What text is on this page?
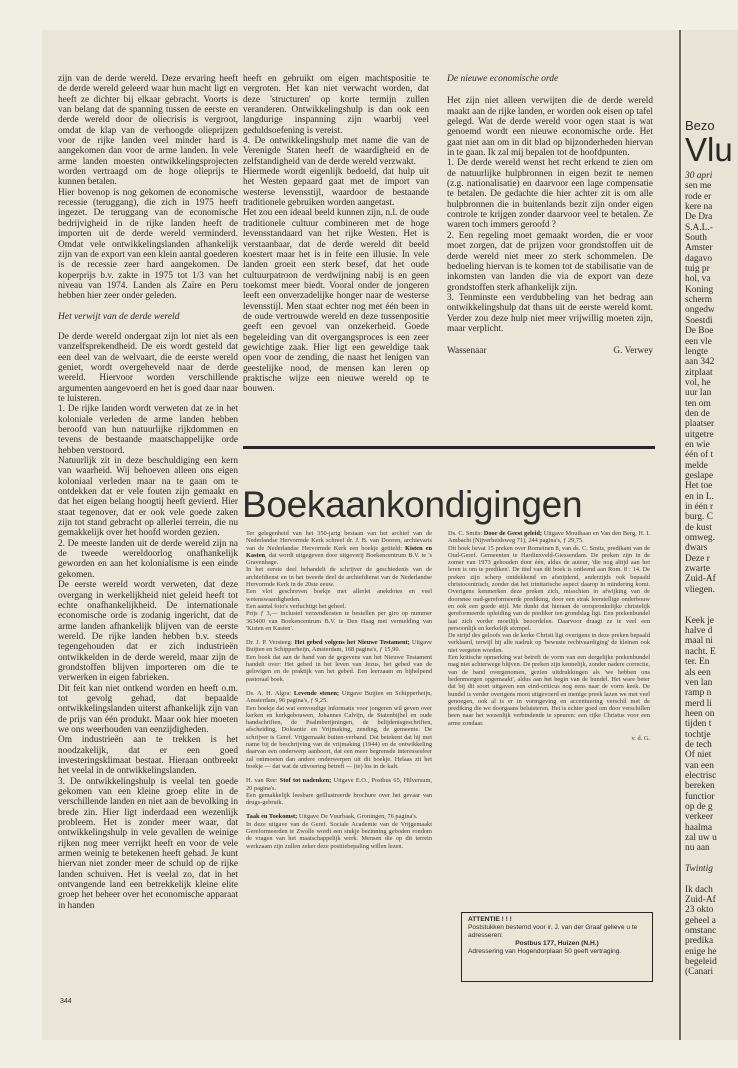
zijn van de derde wereld. Deze ervaring heeft de derde wereld geleerd waar hun macht ligt en heeft ze dichter bij elkaar gebracht. Voorts is van belang dat de spanning tussen de eerste en derde wereld door de oliecrisis is vergroot, omdat de klap van de verhoogde olieprijzen voor de rijke landen veel minder hard is aangekomen dan voor de arme landen. In vele arme landen moesten ontwikkelingsprojecten worden vertraagd om de hoge olieprijs te kunnen betalen.

Hier bovenop is nog gekomen de economische recessie (teruggang), die zich in 1975 heeft ingezet. De teruggang van de economische bedrijvigheid in de rijke landen heeft de importen uit de derde wereld verminderd. Omdat vele ontwikkelingslanden afhankelijk zijn van de export van een klein aantal goederen is de recessie zeer hard aangekomen. De koperprijs b.v. zakte in 1975 tot 1/3 van het niveau van 1974. Landen als Zaïre en Peru hebben hier zeer onder geleden.

Het verwijt van de derde wereld

De derde wereld ondergaat zijn lot niet als een vanzelfsprekendheid. De eis wordt gesteld dat een deel van de welvaart, die de eerste wereld geniet, wordt overgeheveld naar de derde wereld. Hiervoor worden verschillende argumenten aangevoerd en het is goed daar naar te luisteren.

1. De rijke landen wordt verweten dat ze in het koloniale verleden de arme landen hebben beroofd van hun natuurlijke rijkdommen en tevens de bestaande maatschappelijke orde hebben verstoord.

Natuurlijk zit in deze beschuldiging een kern van waarheid. Wij behoeven alleen ons eigen koloniaal verleden maar na te gaan om te ontdekken dat er vele fouten zijn gemaakt en dat het eigen belang hoogtij heeft gevierd. Hier staat tegenover, dat er ook vele goede zaken zijn tot stand gebracht op allerlei terrein, die nu gemakkelijk over het hoofd worden gezien.

2. De meeste landen uit de derde wereld zijn na de tweede wereldoorlog onafhankelijk geworden en aan het kolonialisme is een einde gekomen.

De eerste wereld wordt verweten, dat deze overgang in werkelijkheid niet geleid heeft tot echte onafhankelijkheid. De internationale economische orde is zodanig ingericht, dat de arme landen afhankelijk blijven van de eerste wereld. De rijke landen hebben b.v. steeds tegengehouden dat er zich industrieën ontwikkelden in de derde wereld, maar zijn de grondstoffen blijven importeren om die te verwerken in eigen fabrieken.

Dit feit kan niet ontkend worden en heeft o.m. tot gevolg gehad, dat bepaalde ontwikkelingslanden uiterst afhankelijk zijn van de prijs van één produkt. Maar ook hier moeten we ons weerhouden van eenzijdigheden.

Om industrieën aan te trekken is het noodzakelijk, dat er een goed investeringsklimaat bestaat. Hieraan ontbreekt het veelal in de ontwikkelingslanden.

3. De ontwikkelingshulp is veelal ten goede gekomen van een kleine groep elite in de verschillende landen en niet aan de bevolking in brede zin. Hier ligt inderdaad een wezenlijk probleem. Het is zonder meer waar, dat ontwikkelingshulp in vele gevallen de weinige rijken nog meer verrijkt heeft en voor de vele armen weinig te betekenen heeft gehad. Je kunt hiervan niet zonder meer de schuld op de rijke landen schuiven. Het is veelal zo, dat in het ontvangende land een betrekkelijk kleine elite groep het beheer over het economische apparaat in handen

heeft en gebruikt om eigen machtspositie te vergroten. Het kan niet verwacht worden, dat deze 'structuren' op korte termijn zullen veranderen. Ontwikkelingshulp is dan ook een langdurige inspanning zijn waarbij veel geduldsoefening is vereist.

4. De ontwikkelingshulp met name die van de Verenigde Staten heeft de waardigheid en de zelfstandigheid van de derde wereld verzwakt.

Hiermede wordt eigenlijk bedoeld, dat hulp uit het Westen gepaard gaat met de import van westerse levensstijl, waardoor de bestaande traditionele gebruiken worden aangetast.

Het zou een ideaal beeld kunnen zijn, n.l. de oude traditionele cultuur combineren met de hoge levensstandaard van het rijke Westen. Het is verstaanbaar, dat de derde wereld dit beeld koestert maar het is in feite een illusie. In vele landen groeit een sterk besef, dat het oude cultuurpatroon de verdwijning nabij is en geen toekomst meer biedt. Vooral onder de jongeren leeft een onverzadelijke honger naar de westerse levensstijl. Men staat echter nog met één been in de oude vertrouwde wereld en deze tussenpositie geeft een gevoel van onzekerheid. Goede begeleiding van dit overgangsproces is een zeer gewichtige zaak. Hier ligt een geweldige taak open voor de zending, die naast het lenigen van geestelijke nood, de mensen kan leren op praktische wijze een nieuwe wereld op te bouwen.

De nieuwe economische orde

Het zijn niet alleen verwijten die de derde wereld maakt aan de rijke landen, er worden ook eisen op tafel gelegd. Wat de derde wereld voor ogen staat is wat genoemd wordt een nieuwe economische orde. Het gaat niet aan om in dit blad op bijzonderheden hiervan in te gaan. Ik zal mij bepalen tot de hoofdpunten.

1. De derde wereld wenst het recht erkend te zien om de natuurlijke hulpbronnen in eigen bezit te nemen (z.g. nationalisatie) en daarvoor een lage compensatie te betalen. De gedachte die hier achter zit is om alle hulpbronnen die in buitenlands bezit zijn onder eigen controle te krijgen zonder daarvoor veel te betalen. Ze waren toch immers geroofd ?

2. Een regeling moet gemaakt worden, die er voor moet zorgen, dat de prijzen voor grondstoffen uit de derde wereld niet meer zo sterk schommelen. De bedoeling hiervan is te komen tot de stabilisatie van de inkomsten van landen die via de export van deze grondstoffen sterk afhankelijk zijn.

3. Tenminste een verdubbeling van het bedrag aan ontwikkelingshulp dat thans uit de eerste wereld komt. Verder zou deze hulp niet meer vrijwillig moeten zijn, maar verplicht.

Wassenaar	G. Verwey
Boekaankondigingen

Ter gelegenheid van het 350-jarig bestaan van het archief van de Nederlandse Hervormde Kerk schreef dr. J. B. van Dooren, archievaris van de Nederlandse Hervormde Kerk een boekje getiteld: Kisten en Kasten, dat wordt uitgegeven door uitgeverij Boekencentrum B.V. te 's Gravenhage.

In het eerste deel behandelt de schrijver de geschiedenis van de archiefdienst en in het tweede deel de archiefdienst van de Nederlandse Hervormde Kerk in de 20ste eeuw.

Een vlot geschreven boekje met allerlei anekdotes en veel wetenswaardigheden.

Een aantal foto's verluchtigt het geheel.

Prijs ƒ 3,— inclusief verzendkosten te bestellen per giro op nummer 363400 van Boekencentrum B.V. te Den Haag met vermelding van 'Kisten en Kasten'.

Dr. J. P. Versteeg: Het gebed volgens het Nieuwe Testament; Uitgave Buijten en Schipperheijn, Amsterdam, 168 pagina's, ƒ 15,90.

Een boek dat aan de hand van de gegevens van het Nieuwe Testament handelt over: Het gebed in het leven van Jezus, het gebed van de gelovigen en de praktijk van het gebed. Een leerzaam en bijhelpend pastoraal boek.

Ds. A. H. Algra: Levende stenen; Uitgave Buijten en Schipperheijn, Amsterdam, 96 pagina's, ƒ 9,25.

Een boekje dat wat eenvoudige informatie voor jongeren wil geven over kerken en kerkgebouwen, Johannes Calvijn, de Statenbijbel en oude handschriften, de Psalmberijmingen, de belijdenisgeschriften, afscheiding, Doleantie en Vrijmaking, zending, de gemeente. De schrijver is Geref. Vrijgemaakt buiten-verband. Dat betekent dat hij met name bij de beschrijving van de vrijmaking (1944) en de ontwikkeling daarvan een onderwerp aanboort, dat een meer begrensde interessesfeer zal ontmoeten dan andere onderwerpen uit dit boekje. Helaas zit het boekje — dat wat de uitvoering betreft — (te) los in de kaft.

H. van Ree: Stof tot nadenken; Uitgave E.O., Postbus 65, Hilversum, 20 pagina's.

Een gemakkelijk leesbare geïllustreerde brochure over het gevaar van drugs-gebruik.

Taak en Toekomst; Uitgave De Vuurbaak, Groningen, 76 pagina's.

In deze uitgave van de Geref. Sociale Academie van de Vrijgemaakt Gereformeerden te Zwolle wordt een stukje bezinning geboden rondom de vragen van het maatschappelijk werk. Mensen die op dit terrein werkzaam zijn zullen zeker deze positiebepaling willen lezen.

Ds. C. Smits: Door de Geest geleid; Uitgave Mouthaan en Van den Berg, H. I. Ambacht (Nijverheidsweg 71), 244 pagina's, ƒ 29,75.

Dit boek bevat 15 preken over Romeinen 8, van ds. C. Smits, predikant van de Oud-Geref. Gemeenten te Hardinxveld-Giessendam. De preken zijn in de zomer van 1973 gehouden door één, aldus de auteur, 'die nog altijd aan het leren is om te prediken'. De titel van dit boek is ontleend aan Rom. 8 : 14. De preken zijn scherp ontdekkend en afsnijdend, anderzijds ook bepaald christocentrisch, zonder dat het trinitarische aspect daarop in mindering komt. Overigens kenmerken deze preken zich, misschien in afwijking van de doorsnee oud-gereformeerde prediking, door een strak leerstellige onderbouw en ook een goede stijl. Me dunkt dat hieraan de oorspronkelijke christelijk gereformeerde opleiding van de prediker ten grondslag ligt. Een prekenbundel laat zich verder moeilijk beoordelen. Daarvoor draagt ze te veel een persoonlijk en kerkelijk stempel.

De strijd des geloofs van de kerke Christi ligt overigens in deze preken bepaald verklaard, terwijl bij alle nadruk op 'bewuste rechtvaardiging' de kleinen ook niet vergeten worden.

Een kritische opmerking wat betreft de vorm van een dergelijke prekenbundel mag niet achterwege blijven. De preken zijn kennelijk, zonder nadere correctie, van de band overgenomen, gezien uitdrukkingen als 'we hebben ons hedenmorgen opgemaakt', aldus aan het begin van de bundel. Het ware beter dat bij dit soort uitgaven een eind-criticus nog eens naar de vorm keek. De bundel is verder overigens mooi uitgevoerd en menige preek lazen we met veel genoegen, ook al is er in vormgeving en accentuering verschil met de prediking die we doorgaans beluisteren. Het is echter goed om door verschillen heen naar het wezenlijk verbindende te speuren: een rijke Christus voor een arme zondaar.

v. d. G.
ATTENTIE ! ! !
Poststukken bestemd voor ir. J. van der Graaf gelieve u te adresseren:
Postbus 177, Huizen (N.H.)
Adressering van Hogendorplaan 50 geeft vertraging.
344
Bezo
Vlu
30 apri
sen me
rode er
kere na
De Dra
S.A.L.-
South
Amster
dagavo
tuig pr
hol, va
Koning
scherm
ongedw
Soestdi
De Boe
een vle
lengte
aan 342
zitplaat
vol, he
uur lan
ten om
den de
plaatser
uitgetre
en wie
één of t
melde
geslape
Het toe
en in L.
in één r
burg. C
de kust
omweg.
dwars
Deze r
zwarte
Zuid-Af
vliegen.
Keek je
halve d
maal ni
nacht. E
ter. En
als een
ven lan
ramp n
merd li
heen on
tijden t
tochtje
de tech
Of niet
van een
electrisc
bereken
functior
op de g
verkeer
haalma
zal uw u
nu aan
Twintig
Ik dach
Zuid-Af
23 okto
geheel a
omstanc
predika
enige he
begeleid
(Canari
